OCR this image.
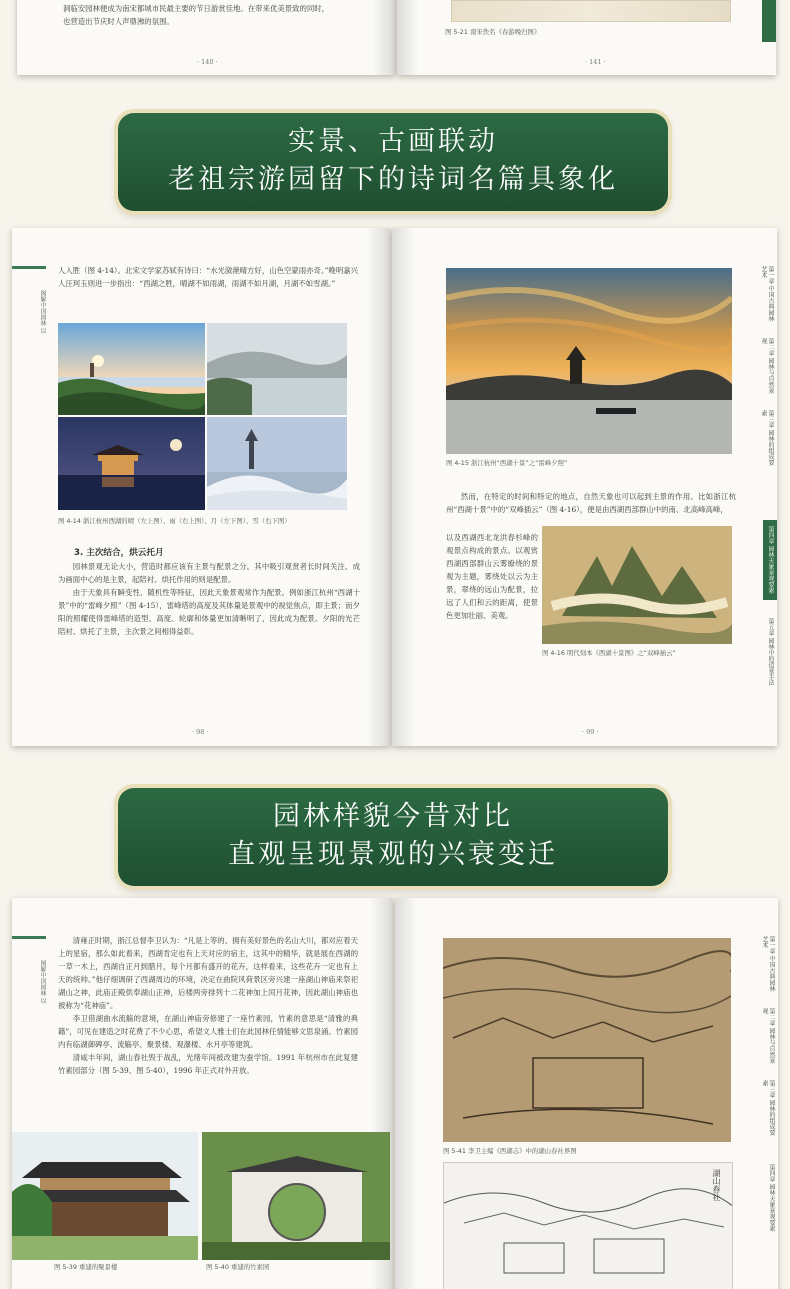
洞临安园林便成为南宋都城市民最主要的节日游赏佳地。在带来优美景致的同时，
也营造出节庆时人声鼎沸的氛围。
· 140 ·
图 5-21 南宋佚名《春游晚归图》
· 141 ·
实景、古画联动
老祖宗游园留下的诗词名篇具象化
图解中国园林 以
人入胜（图 4-14）。北宋文学家苏轼有诗曰：“水光潋滟晴方好，山色空蒙雨亦奇。”晚明嘉兴人汪珂玉则进一步指出：“西湖之胜，晴湖不如雨湖，雨湖不如月湖，月湖不如雪湖。”
图 4-14 浙江杭州西湖的晴（左上图）、雨（右上图）、月（左下图）、雪（右下图）
3. 主次结合，烘云托月

园林景观无论大小，营造时都应该有主景与配景之分。其中吸引观赏者长时间关注、成为画面中心的是主景，起陪衬、烘托作用的则是配景。

由于天象具有瞬变性、随机性等特征，因此天象景观常作为配景。例如浙江杭州“西湖十景”中的“雷峰夕照”（图 4-15），雷峰塔的高度及其体量是景观中的视觉焦点，即主景；而夕阳的照耀使得雷峰塔的造型、高度、轮廓和体量更加清晰明了，因此成为配景。夕阳的光芒陪衬、烘托了主景，主次景之间相得益彰。

· 98 ·
图 4-15 浙江杭州“西湖十景”之“雷峰夕照”

然而，在特定的时间和特定的地点，自然天象也可以起到主景的作用。比如浙江杭州“西湖十景”中的“双峰插云”（图 4-16），便是由西湖西部群山中的南、北高峰高峰，

以及西湖西北龙洪春杉峰的观景点构成的景点。以观赏西湖西部群山云雾缭绕的景观为主题，雾绕处以云为主景，翠绕的远山为配景，拉远了人们和云的距离，使景色更加壮丽、美观。
图 4-16 明代刻本《西湖十景图》之“双峰插云”
· 99 ·
第一章 中国古典园林艺术
第二章 园林与自然景观
第三章 园林的组成要素
第四章 园林天象景观要素
第五章 园林中的造景手法
园林样貌今昔对比
直观呈现景观的兴衰变迁
图解中国园林 以

清雍正时期，浙江总督李卫认为：“凡是上等的、拥有美好景色的名山大川，都对应着天上的星宿，那么如此看来，西湖肯定也有上天对应的宿主，这其中的精华，就是展在西湖的一草一木上，西湖自正月到腊月，每个月都有盛开的花卉，这样看来，这些花卉一定也有上天的统帅。”他仔细调研了西湖周边的环境，决定在曲院风荷景区旁兴建一座湖山神庙来祭祀湖山之神，此庙正殿供奉湖山正神，后楼两旁排列十二花神加上闰月花神，因此湖山神庙也被称为“花神庙”。

李卫借湖曲水流觞的意境，在湖山神庙旁修建了一座竹素园，竹素的意思是“清雅的典籍”，可见在建造之时花费了不少心思，希望文人雅士们在此园林任情能够文思泉涌。竹素园内有临湖御碑亭、流觞亭、聚景楼、观瀑楼、水月亭等建筑。

清咸丰年间，湖山春社毁于战乱，光绪年间被改建为蚕学馆。1991 年杭州市在此复建竹素园部分（图 5-39、图 5-40），1996 年正式对外开放。

图 5-39 重建的聚景楼	图 5-40 重建的竹素园
图 5-41 李卫主编《西湖志》中的湖山春社界图
湖山春社
第一章 中国古典园林艺术
第二章 园林与自然景观
第三章 园林的组成要素
第四章 园林天象景观要素
